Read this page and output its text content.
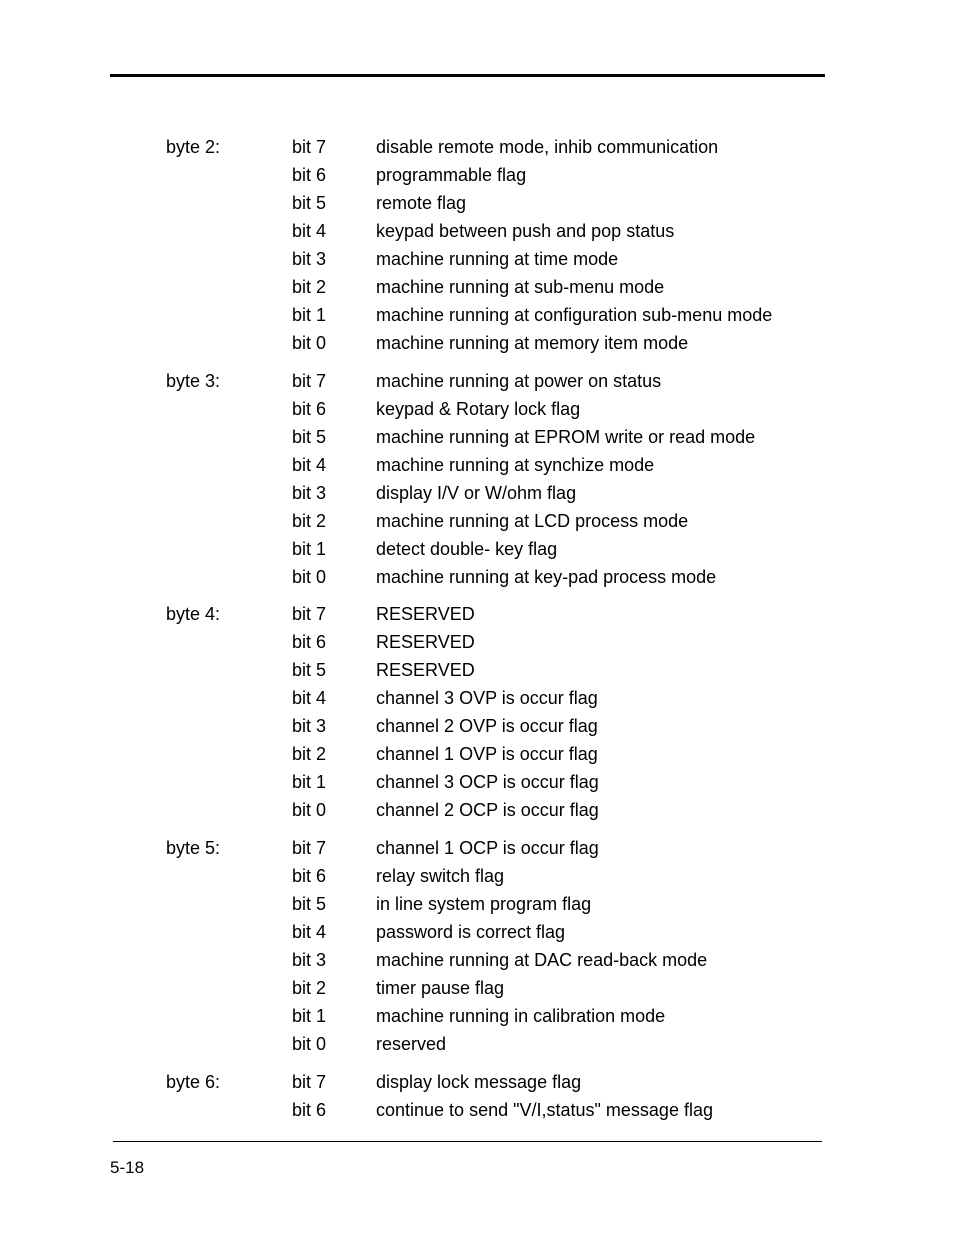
byte 2:	bit 7	disable remote mode, inhib communication
bit 6	programmable flag
bit 5	remote flag
bit 4	keypad between push and pop status
bit 3	machine running at time mode
bit 2	machine running at sub-menu mode
bit 1	machine running at configuration sub-menu mode
bit 0	machine running at memory item mode
byte 3:	bit 7	machine running at power on status
bit 6	keypad & Rotary lock flag
bit 5	machine running at EPROM write or read mode
bit 4	machine running at synchize mode
bit 3	display I/V or W/ohm flag
bit 2	machine running at LCD process mode
bit 1	detect double- key flag
bit 0	machine running at key-pad process mode
byte 4:	bit 7	RESERVED
bit 6	RESERVED
bit 5	RESERVED
bit 4	channel 3 OVP is occur flag
bit 3	channel 2 OVP is occur flag
bit 2	channel 1 OVP is occur flag
bit 1	channel 3 OCP is occur flag
bit 0	channel 2 OCP is occur flag
byte 5:	bit 7	channel 1 OCP is occur flag
bit 6	relay switch flag
bit 5	in line system program flag
bit 4	password is correct flag
bit 3	machine running at DAC read-back mode
bit 2	timer pause flag
bit 1	machine running in calibration mode
bit 0	reserved
byte 6:	bit 7	display lock message flag
bit 6	continue to send "V/I,status" message flag
5-18
